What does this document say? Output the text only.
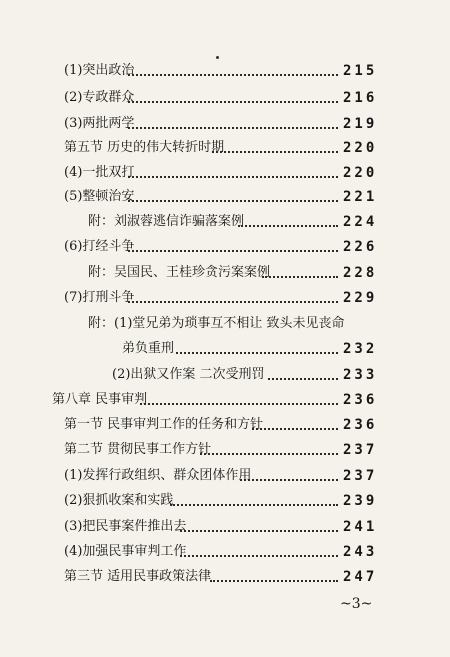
(1)突出政治	215
(2)专政群众	216
(3)两批两学	219
第五节 历史的伟大转折时期	220
(4)一批双打	220
(5)整顿治安	221
附：刘淑蓉逃信诈骗落案例	224
(6)打经斗争	226
附：吴国民、王桂珍贪污案案例	228
(7)打刑斗争	229
附：(1)堂兄弟为琐事互不相让 致头未见丧命
弟负重刑	232
(2)出狱又作案 二次受刑罚	233
第八章 民事审判	236
第一节 民事审判工作的任务和方针	236
第二节 贯彻民事工作方针	237
(1)发挥行政组织、群众团体作用	237
(2)狠抓收案和实践	239
(3)把民事案件推出去	241
(4)加强民事审判工作	243
第三节 适用民事政策法律	247
~3~
